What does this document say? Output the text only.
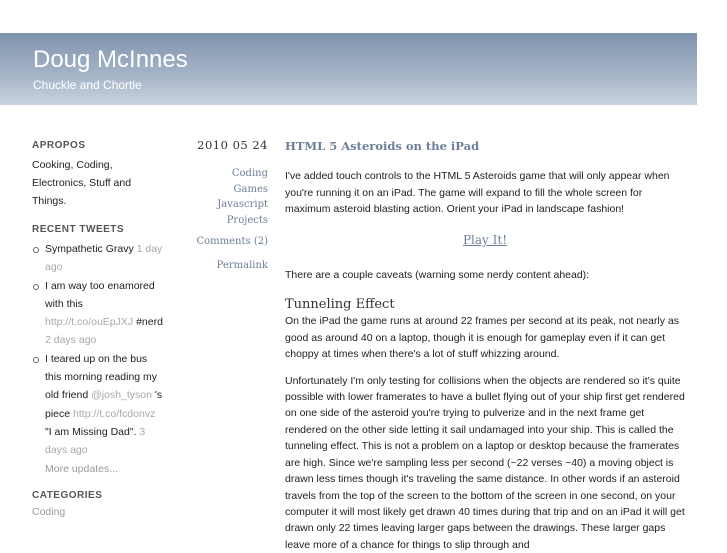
Doug McInnes
Chuckle and Chortle
APROPOS
Cooking, Coding, Electronics, Stuff and Things.
RECENT TWEETS
Sympathetic Gravy 1 day ago
I am way too enamored with this http://t.co/ouEpJXJ #nerd 2 days ago
I teared up on the bus this morning reading my old friend @josh_tyson 's piece http://t.co/fcdonvz "I am Missing Dad". 3 days ago
More updates...
CATEGORIES
Coding
2010 05 24
Coding
Games
Javascript
Projects
Comments (2)
Permalink
HTML 5 Asteroids on the iPad

I've added touch controls to the HTML 5 Asteroids game that will only appear when you're running it on an iPad. The game will expand to fill the whole screen for maximum asteroid blasting action. Orient your iPad in landscape fashion!

Play It!

There are a couple caveats (warning some nerdy content ahead):

Tunneling Effect

On the iPad the game runs at around 22 frames per second at its peak, not nearly as good as around 40 on a laptop, though it is enough for gameplay even if it can get choppy at times when there's a lot of stuff whizzing around.

Unfortunately I'm only testing for collisions when the objects are rendered so it's quite possible with lower framerates to have a bullet flying out of your ship first get rendered on one side of the asteroid you're trying to pulverize and in the next frame get rendered on the other side letting it sail undamaged into your ship. This is called the tunneling effect. This is not a problem on a laptop or desktop because the framerates are high. Since we're sampling less per second (~22 verses ~40) a moving object is drawn less times though it's traveling the same distance. In other words if an asteroid travels from the top of the screen to the bottom of the screen in one second, on your computer it will most likely get drawn 40 times during that trip and on an iPad it will get drawn only 22 times leaving larger gaps between the drawings. These larger gaps leave more of a chance for things to slip through and
